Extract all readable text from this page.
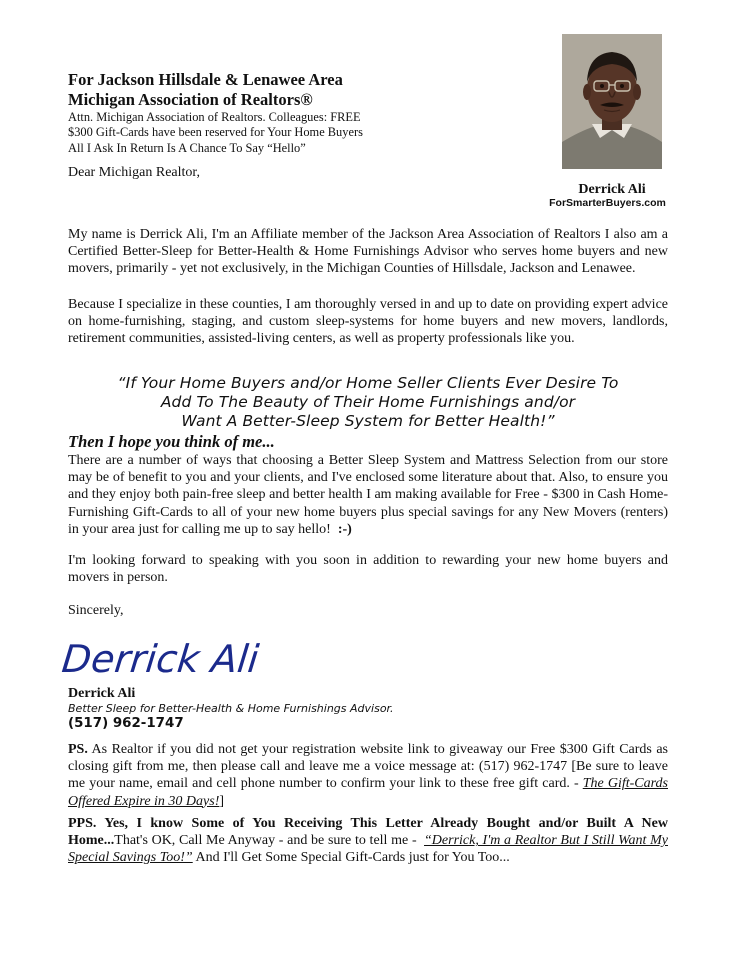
For Jackson Hillsdale & Lenawee Area
Michigan Association of Realtors®
Attn. Michigan Association of Realtors. Colleagues: FREE
$300 Gift-Cards have been reserved for Your Home Buyers
All I Ask In Return Is A Chance To Say “Hello”
Dear Michigan Realtor,
Derrick Ali
ForSmarterBuyers.com
My name is Derrick Ali, I'm an Affiliate member of the Jackson Area Association of Realtors I also am a Certified Better-Sleep for Better-Health & Home Furnishings Advisor who serves home buyers and new movers, primarily - yet not exclusively, in the Michigan Counties of Hillsdale, Jackson and Lenawee.
Because I specialize in these counties, I am thoroughly versed in and up to date on providing expert advice on home-furnishing, staging, and custom sleep-systems for home buyers and new movers, landlords, retirement communities, assisted-living centers, as well as property professionals like you.
“If Your Home Buyers and/or Home Seller Clients Ever Desire To
Add To The Beauty of Their Home Furnishings and/or
Want A Better-Sleep System for Better Health!”
Then I hope you think of me...
There are a number of ways that choosing a Better Sleep System and Mattress Selection from our store may be of benefit to you and your clients, and I've enclosed some literature about that. Also, to ensure you and they enjoy both pain-free sleep and better health I am making available for Free - $300 in Cash Home-Furnishing Gift-Cards to all of your new home buyers plus special savings for any New Movers (renters) in your area just for calling me up to say hello! :-)
I'm looking forward to speaking with you soon in addition to rewarding your new home buyers and movers in person.
Sincerely,
Derrick Ali
Derrick Ali
Better Sleep for Better-Health & Home Furnishings Advisor.
(517) 962-1747
PS. As Realtor if you did not get your registration website link to giveaway our Free $300 Gift Cards as closing gift from me, then please call and leave me a voice message at: (517) 962-1747 [Be sure to leave me your name, email and cell phone number to confirm your link to these free gift card. - The Gift-Cards Offered Expire in 30 Days!]
PPS. Yes, I know Some of You Receiving This Letter Already Bought and/or Built A New Home...That's OK, Call Me Anyway - and be sure to tell me - “Derrick, I'm a Realtor But I Still Want My Special Savings Too!” And I'll Get Some Special Gift-Cards just for You Too...
